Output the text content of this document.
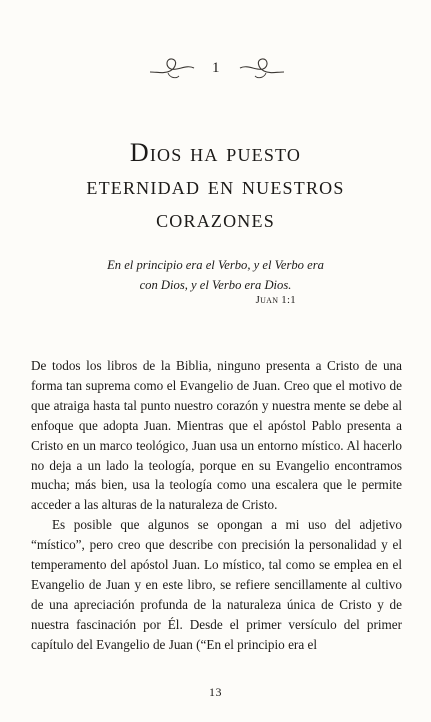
1
Dios ha puesto
eternidad en nuestros
corazones
En el principio era el Verbo, y el Verbo era
con Dios, y el Verbo era Dios.
Juan 1:1

De todos los libros de la Biblia, ninguno presenta a Cristo de una forma tan suprema como el Evangelio de Juan. Creo que el motivo de que atraiga hasta tal punto nuestro corazón y nuestra mente se debe al enfoque que adopta Juan. Mientras que el apóstol Pablo presenta a Cristo en un marco teológico, Juan usa un entorno místico. Al hacerlo no deja a un lado la teología, porque en su Evangelio encontramos mucha; más bien, usa la teología como una escalera que le permite acceder a las alturas de la naturaleza de Cristo.

Es posible que algunos se opongan a mi uso del adjetivo “místico”, pero creo que describe con precisión la personalidad y el temperamento del apóstol Juan. Lo místico, tal como se emplea en el Evangelio de Juan y en este libro, se refiere sencillamente al cultivo de una apreciación profunda de la naturaleza única de Cristo y de nuestra fascinación por Él. Desde el primer versículo del primer capítulo del Evangelio de Juan (“En el principio era el

13
